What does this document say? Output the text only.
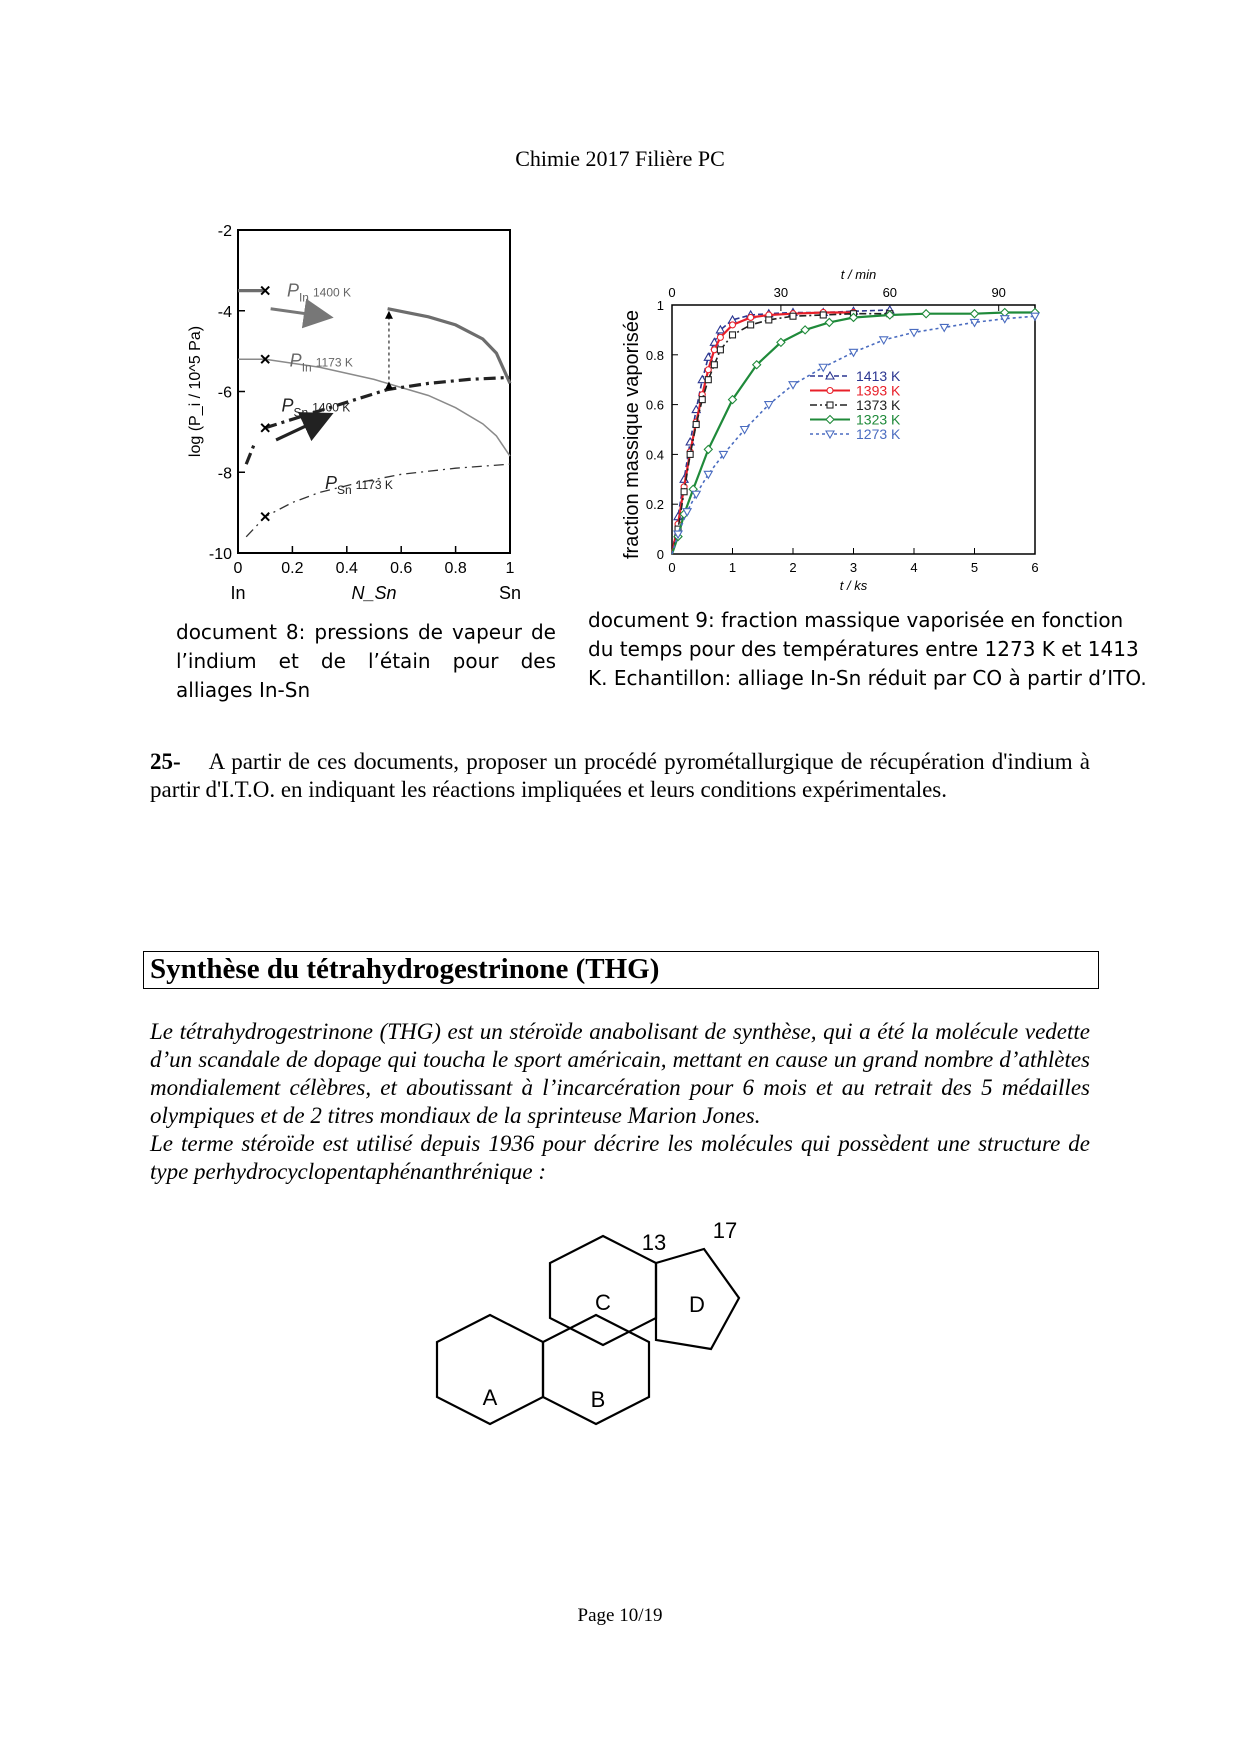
Chimie 2017 Filière PC
-2
-4
-6
-8
-10
0 0.2 0.4 0.6 0.8 1
In	Sn
N_Sn
log (P_i / 10^5 Pa)
$P_{In}$ $^{1400 K}$
$P_{In}$ $^{1173 K}$
$P_{Sn}$ $^{1400 K}$
$P_{Sn}$ $^{1173 K}$
0
0.2
0.4
0.6
0.8
1
0	1	2	3	4	5	6
0	30	60	90
t / ks
t / min
fraction massique vaporisée	1413 K
1393 K
1373 K
1323 K
1273 K
document 8: pressions de vapeur de l’indium et de l’étain pour des alliages In-Sn
document 9: fraction massique vaporisée en fonction du temps pour des températures entre 1273 K et 1413 K. Echantillon: alliage In-Sn réduit par CO à partir d’ITO.
25- A partir de ces documents, proposer un procédé pyrométallurgique de récupération d'indium à partir d'I.T.O. en indiquant les réactions impliquées et leurs conditions expérimentales.
Synthèse du tétrahydrogestrinone (THG)

Le tétrahydrogestrinone (THG) est un stéroïde anabolisant de synthèse, qui a été la molécule vedette d’un scandale de dopage qui toucha le sport américain, mettant en cause un grand nombre d’athlètes mondialement célèbres, et aboutissant à l’incarcération pour 6 mois et au retrait des 5 médailles olympiques et de 2 titres mondiaux de la sprinteuse Marion Jones.

Le terme stéroïde est utilisé depuis 1936 pour décrire les molécules qui possèdent une structure de type perhydrocyclopentaphénanthrénique :

A	B
C	D
13 17
Page 10/19
